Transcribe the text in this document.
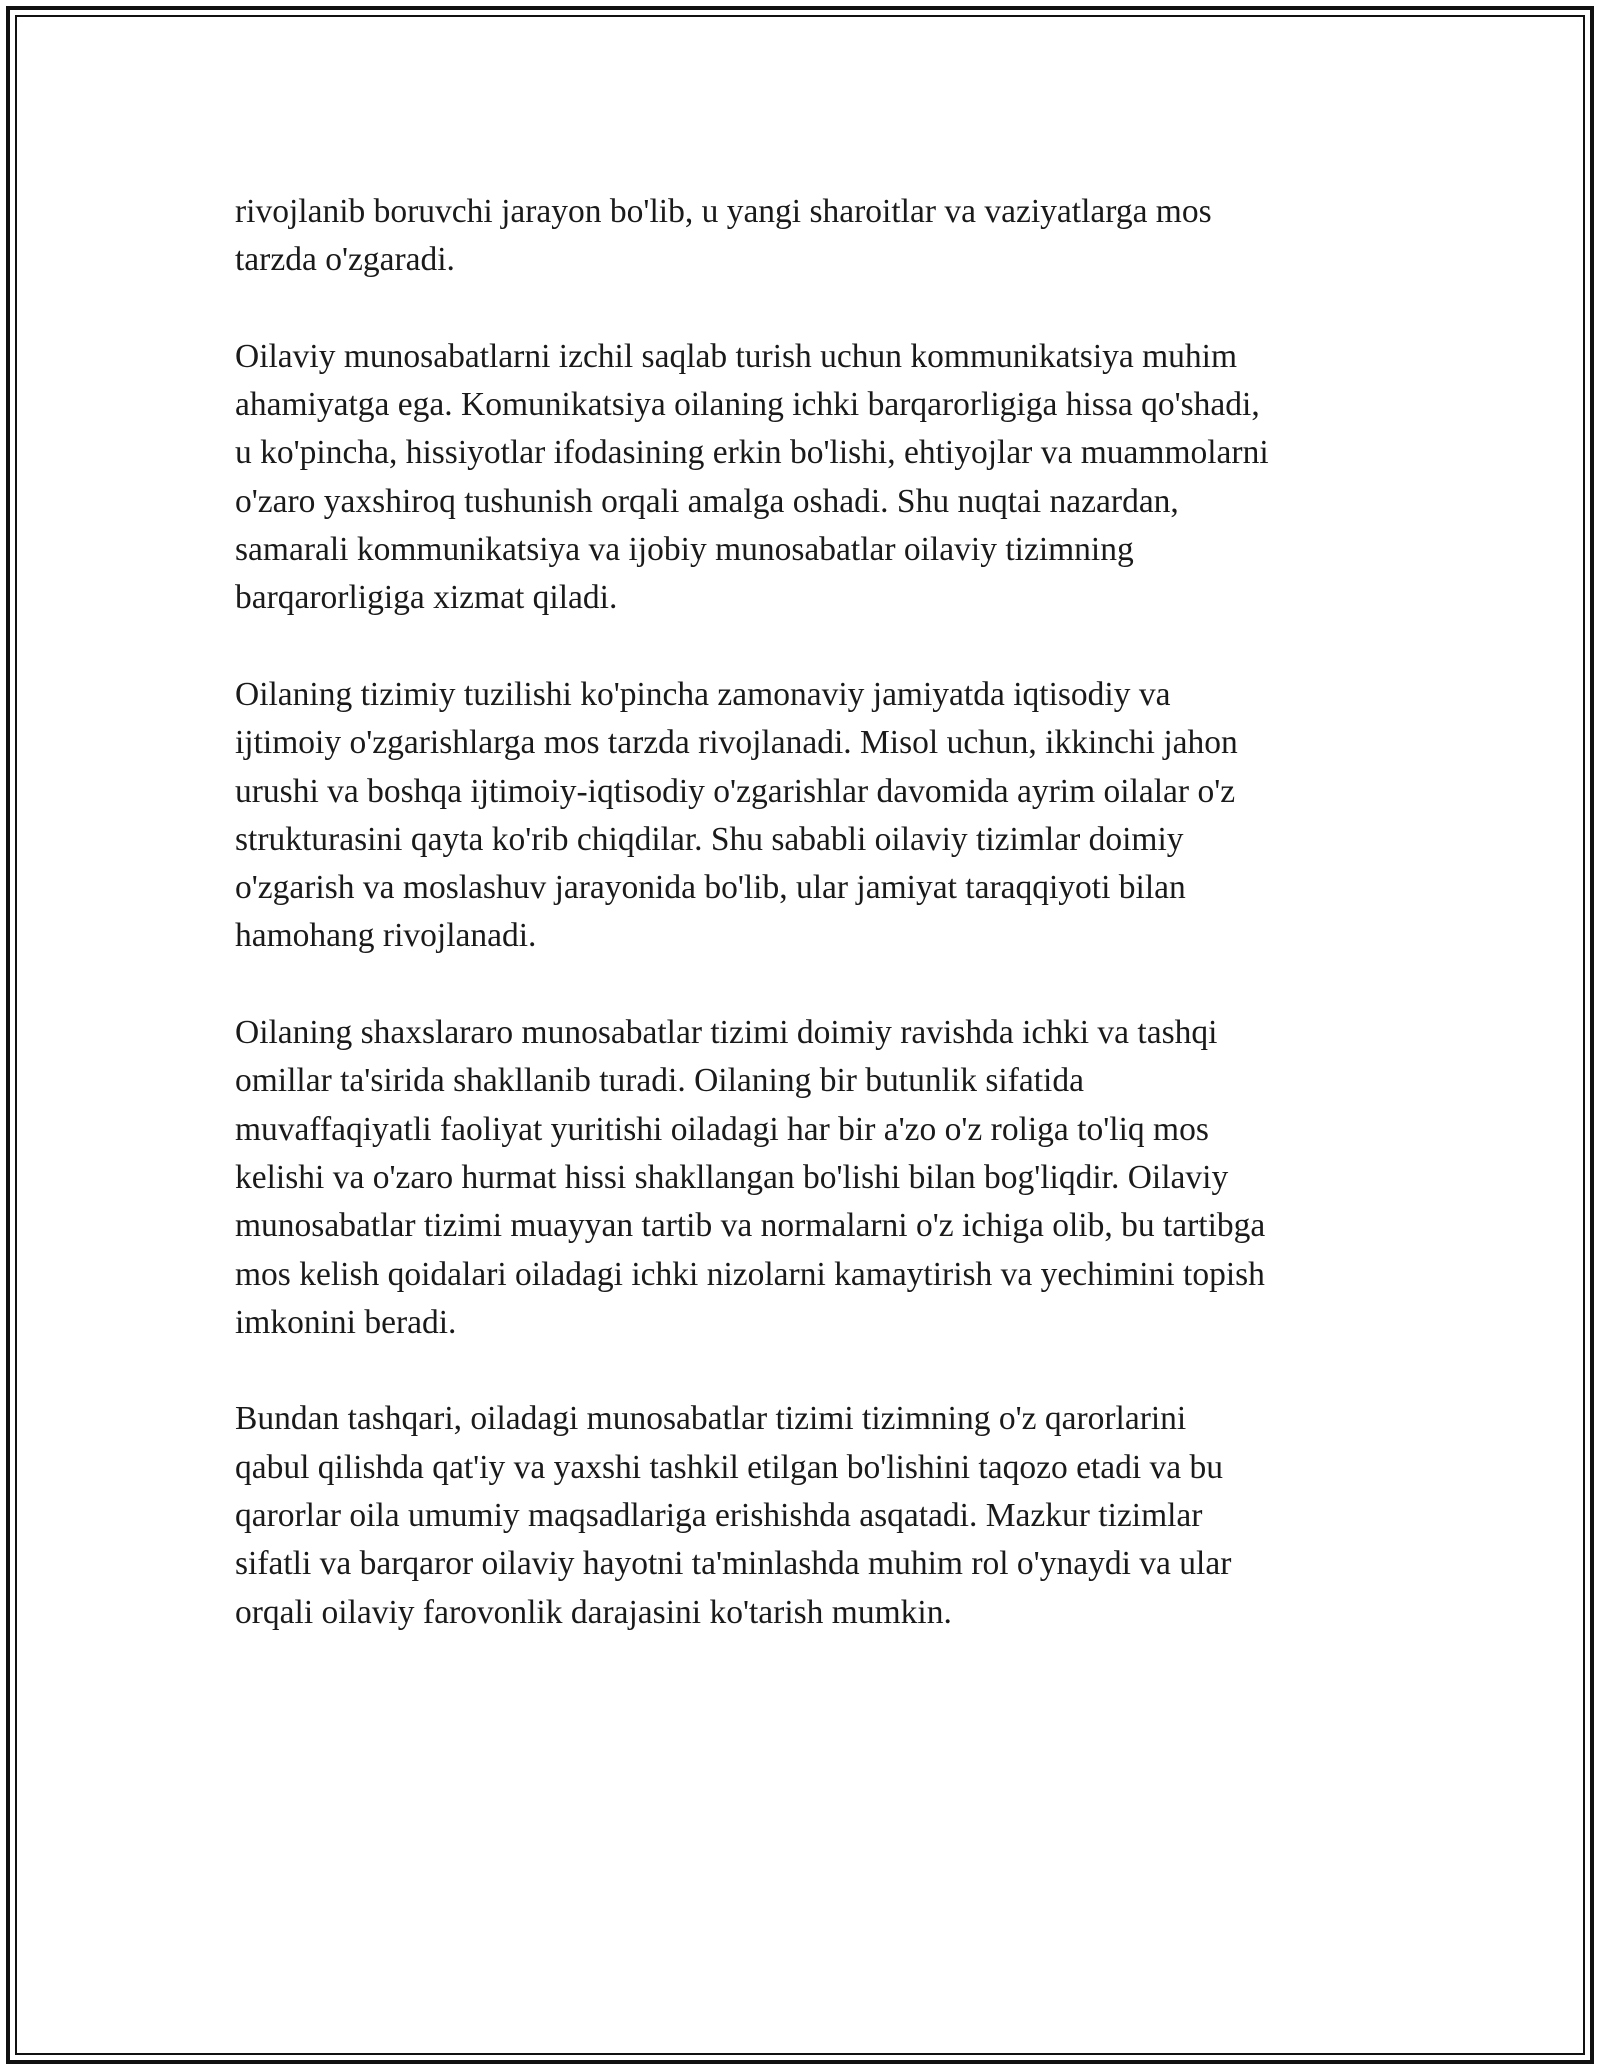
rivojlanib boruvchi jarayon bo'lib, u yangi sharoitlar va vaziyatlarga mos
tarzda o'zgaradi.

Oilaviy munosabatlarni izchil saqlab turish uchun kommunikatsiya muhim
ahamiyatga ega. Komunikatsiya oilaning ichki barqarorligiga hissa qo'shadi,
u ko'pincha, hissiyotlar ifodasining erkin bo'lishi, ehtiyojlar va muammolarni
o'zaro yaxshiroq tushunish orqali amalga oshadi. Shu nuqtai nazardan,
samarali kommunikatsiya va ijobiy munosabatlar oilaviy tizimning
barqarorligiga xizmat qiladi.

Oilaning tizimiy tuzilishi ko'pincha zamonaviy jamiyatda iqtisodiy va
ijtimoiy o'zgarishlarga mos tarzda rivojlanadi. Misol uchun, ikkinchi jahon
urushi va boshqa ijtimoiy-iqtisodiy o'zgarishlar davomida ayrim oilalar o'z
strukturasini qayta ko'rib chiqdilar. Shu sababli oilaviy tizimlar doimiy
o'zgarish va moslashuv jarayonida bo'lib, ular jamiyat taraqqiyoti bilan
hamohang rivojlanadi.

Oilaning shaxslararo munosabatlar tizimi doimiy ravishda ichki va tashqi
omillar ta'sirida shakllanib turadi. Oilaning bir butunlik sifatida
muvaffaqiyatli faoliyat yuritishi oiladagi har bir a'zo o'z roliga to'liq mos
kelishi va o'zaro hurmat hissi shakllangan bo'lishi bilan bog'liqdir. Oilaviy
munosabatlar tizimi muayyan tartib va normalarni o'z ichiga olib, bu tartibga
mos kelish qoidalari oiladagi ichki nizolarni kamaytirish va yechimini topish
imkonini beradi.

Bundan tashqari, oiladagi munosabatlar tizimi tizimning o'z qarorlarini
qabul qilishda qat'iy va yaxshi tashkil etilgan bo'lishini taqozo etadi va bu
qarorlar oila umumiy maqsadlariga erishishda asqatadi. Mazkur tizimlar
sifatli va barqaror oilaviy hayotni ta'minlashda muhim rol o'ynaydi va ular
orqali oilaviy farovonlik darajasini ko'tarish mumkin.
